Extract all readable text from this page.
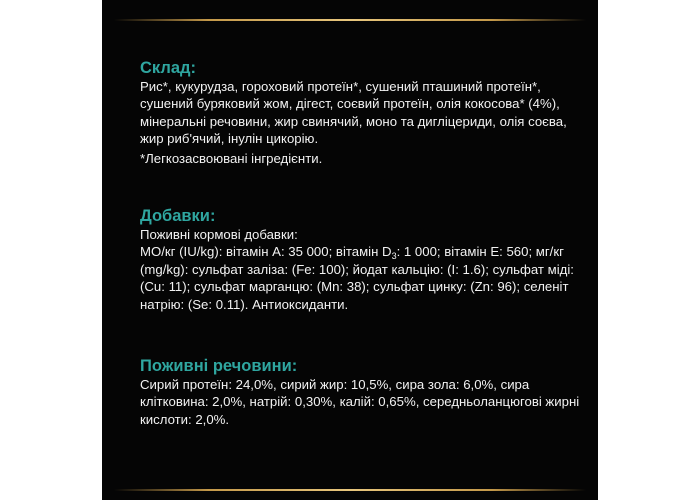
Склад:

Рис*, кукурудза, гороховий протеїн*, сушений пташиний протеїн*, сушений буряковий жом, дігест, соєвий протеїн, олія кокосова* (4%), мінеральні речовини, жир свинячий, моно та дигліцериди, олія соєва, жир риб'ячий, інулін цикорію.

*Легкозасвоювані інгредієнти.

Добавки:

Поживні кормові добавки:

МО/кг (IU/kg): вітамін А: 35 000; вітамін $D_3$: 1 000; вітамін Е: 560; мг/кг (mg/kg): сульфат заліза: (Fe: 100); йодат кальцію: (I: 1.6); сульфат міді: (Cu: 11); сульфат марганцю: (Mn: 38); сульфат цинку: (Zn: 96); селеніт натрію: (Se: 0.11). Антиоксиданти.

Поживні речовини:

Сирий протеїн: 24,0%, сирий жир: 10,5%, сира зола: 6,0%, сира клітковина: 2,0%, натрій: 0,30%, калій: 0,65%, середньоланцюгові жирні кислоти: 2,0%.
